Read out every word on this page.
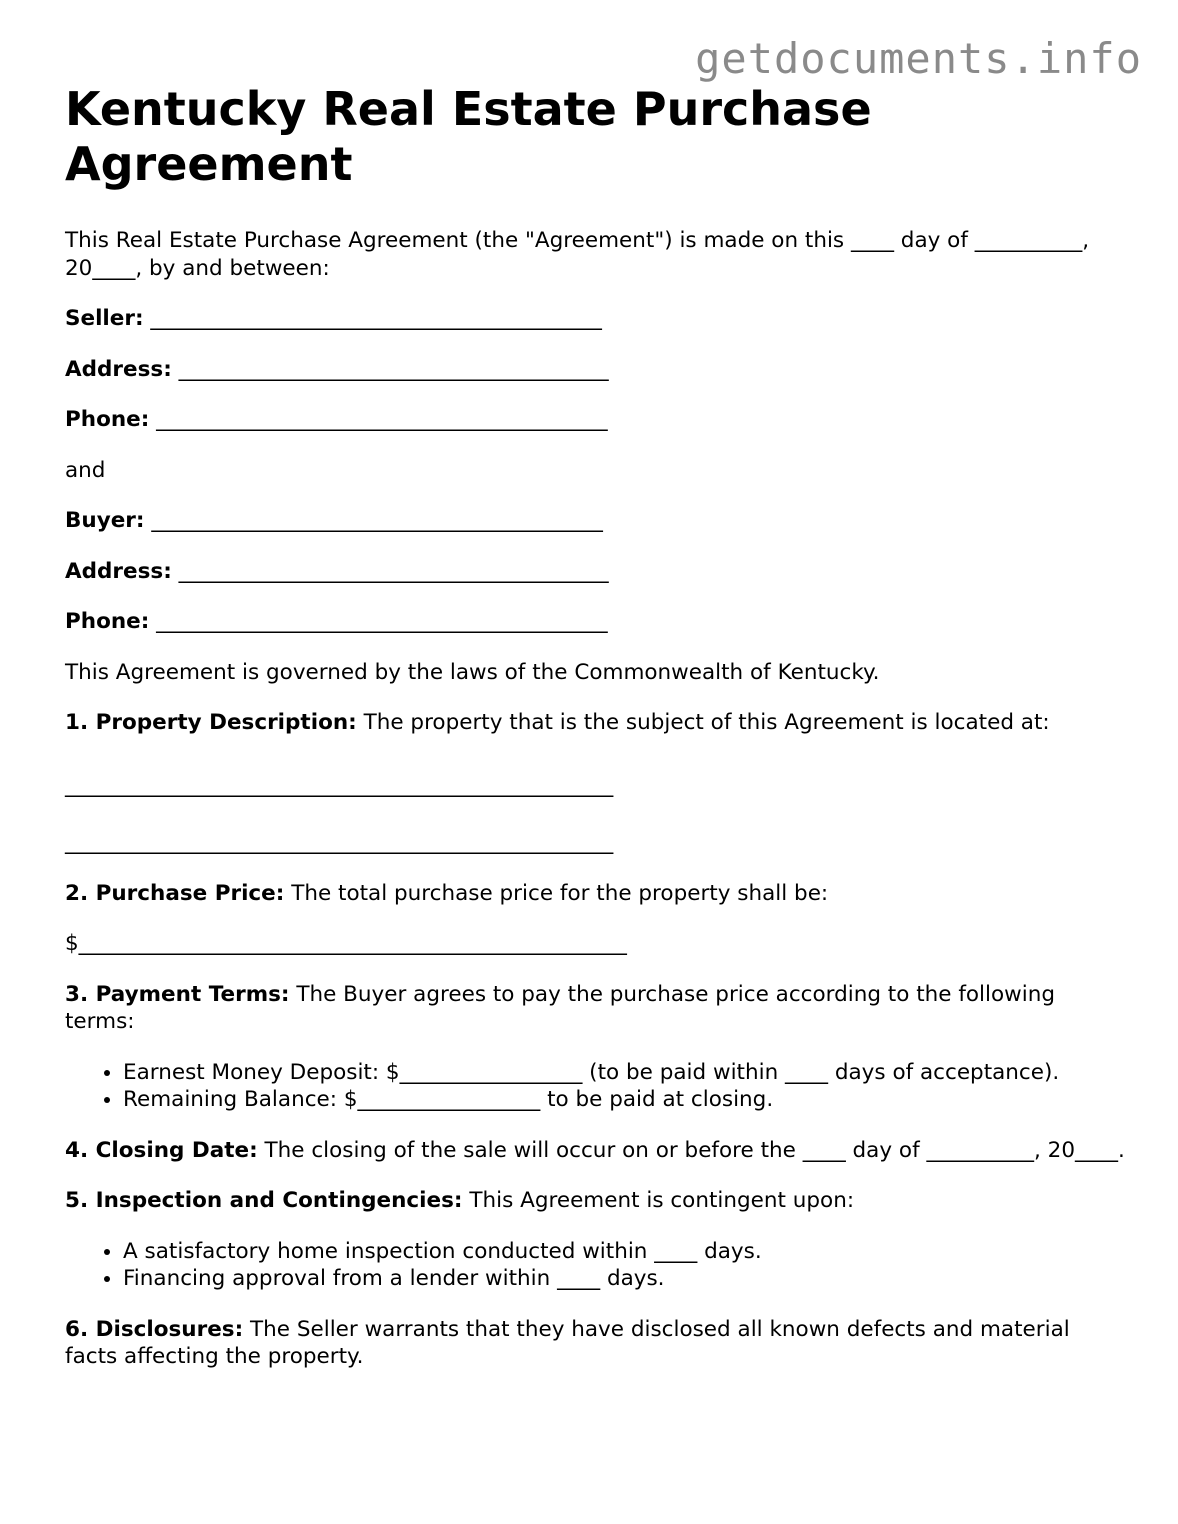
getdocuments.info
Kentucky Real Estate Purchase Agreement

This Real Estate Purchase Agreement (the "Agreement") is made on this ____ day of __________, 20____, by and between:

Seller: __________________________________________

Address: ________________________________________

Phone: __________________________________________

and

Buyer: __________________________________________

Address: ________________________________________

Phone: __________________________________________

This Agreement is governed by the laws of the Commonwealth of Kentucky.

1. Property Description: The property that is the subject of this Agreement is located at:

___________________________________________________

___________________________________________________

2. Purchase Price: The total purchase price for the property shall be:

$___________________________________________________

3. Payment Terms: The Buyer agrees to pay the purchase price according to the following terms:

• Earnest Money Deposit: $_________________ (to be paid within ____ days of acceptance).
• Remaining Balance: $_________________ to be paid at closing.

4. Closing Date: The closing of the sale will occur on or before the ____ day of __________, 20____.

5. Inspection and Contingencies: This Agreement is contingent upon:

• A satisfactory home inspection conducted within ____ days.
• Financing approval from a lender within ____ days.

6. Disclosures: The Seller warrants that they have disclosed all known defects and material facts affecting the property.
